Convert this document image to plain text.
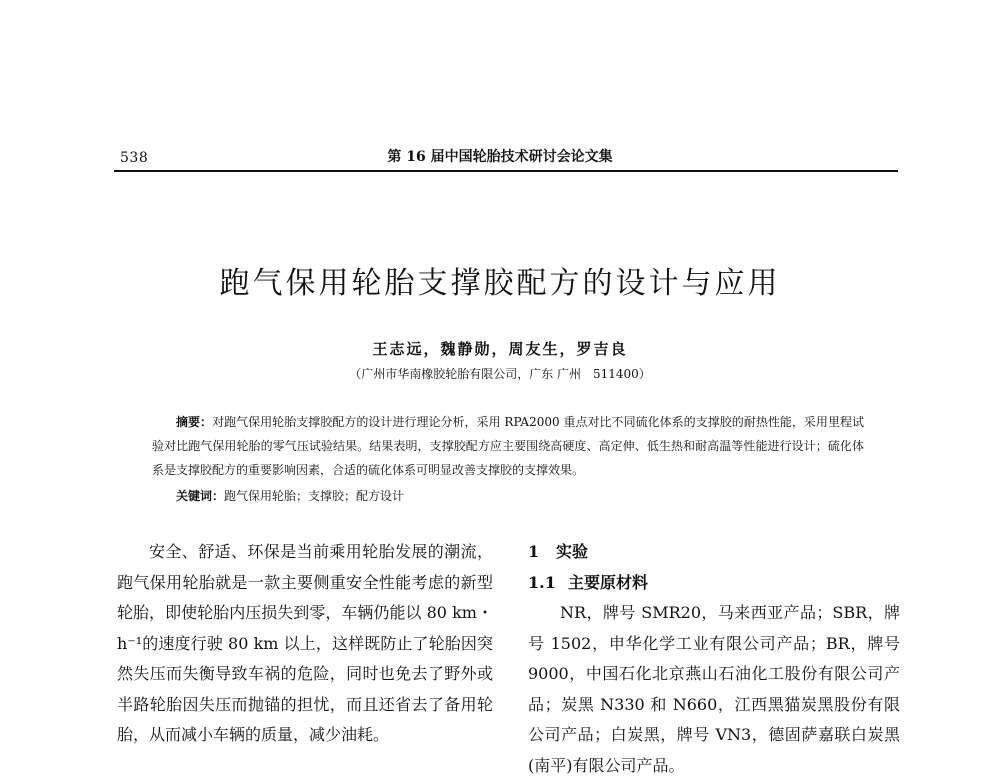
538	第 16 届中国轮胎技术研讨会论文集
跑气保用轮胎支撑胶配方的设计与应用
王志远，魏静勋，周友生，罗吉良
（广州市华南橡胶轮胎有限公司，广东 广州　511400）
摘要：对跑气保用轮胎支撑胶配方的设计进行理论分析，采用 RPA2000 重点对比不同硫化体系的支撑胶的耐热性能，采用里程试验对比跑气保用轮胎的零气压试验结果。结果表明，支撑胶配方应主要围绕高硬度、高定伸、低生热和耐高温等性能进行设计；硫化体系是支撑胶配方的重要影响因素，合适的硫化体系可明显改善支撑胶的支撑效果。
关键词：跑气保用轮胎；支撑胶；配方设计

安全、舒适、环保是当前乘用轮胎发展的潮流，跑气保用轮胎就是一款主要侧重安全性能考虑的新型轮胎，即使轮胎内压损失到零，车辆仍能以 80 km・h⁻¹的速度行驶 80 km 以上，这样既防止了轮胎因突然失压而失衡导致车祸的危险，同时也免去了野外或半路轮胎因失压而抛锚的担忧，而且还省去了备用轮胎，从而减小车辆的质量，减少油耗。

1 实验
1.1 主要原材料

NR，牌号 SMR20，马来西亚产品；SBR，牌号 1502，申华化学工业有限公司产品；BR，牌号 9000，中国石化北京燕山石油化工股份有限公司产品；炭黑 N330 和 N660，江西黑猫炭黑股份有限公司产品；白炭黑，牌号 VN3，德固萨嘉联白炭黑(南平)有限公司产品。
